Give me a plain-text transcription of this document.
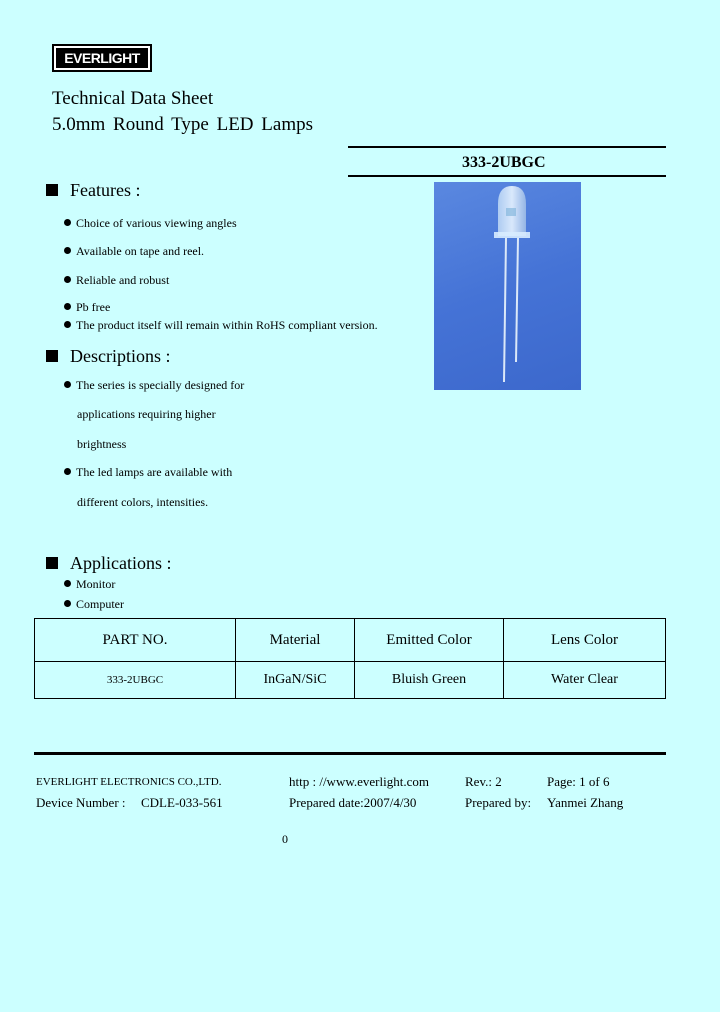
EVERLIGHT
Technical Data Sheet
5.0mm Round Type LED Lamps
333-2UBGC
Features :
Choice of various viewing angles
Available on tape and reel.
Reliable and robust
Pb free
The product itself will remain within RoHS compliant version.
Descriptions :
The series is specially designed for
applications requiring higher
brightness
The led lamps are available with
different colors, intensities.
Applications :
Monitor
Computer
PART NO.	Material	Emitted Color	Lens Color
333-2UBGC	InGaN/SiC	Bluish Green	Water Clear
EVERLIGHT ELECTRONICS CO.,LTD.	http : //www.everlight.com	Rev.: 2	Page: 1 of 6
Device Number : CDLE-033-561	Prepared date:2007/4/30	Prepared by: Yanmei Zhang
0
